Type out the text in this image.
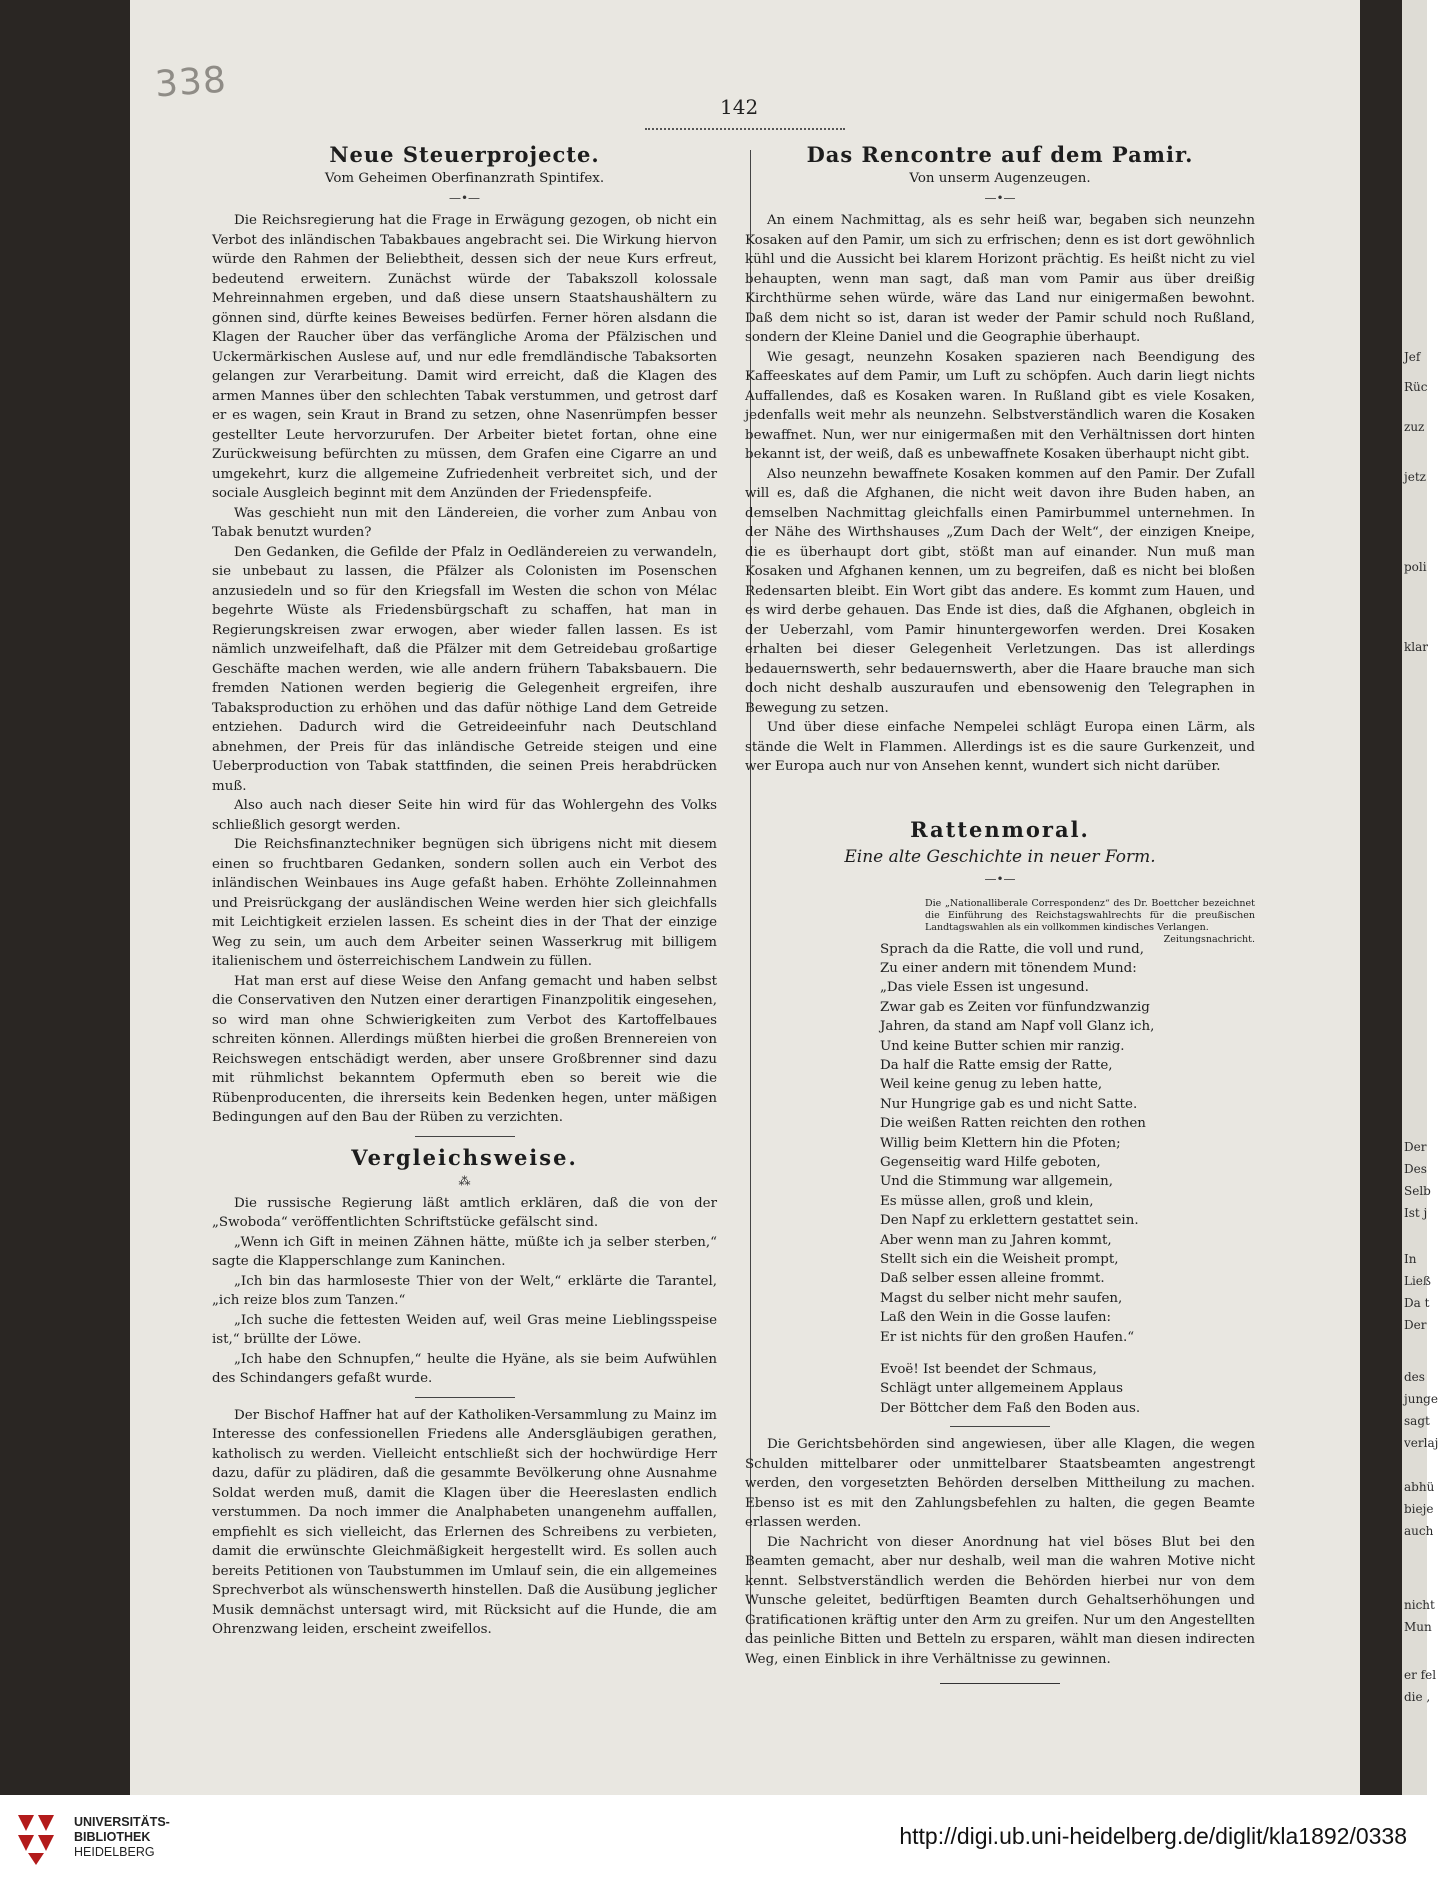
Jef
Rüc
zuz
jetz
poli
klar
Der
Des
Selb
Ist j
In
Ließ
Da t
Der
des
junge
sagt
verlaj
abhü
bieje
auch
nicht
Mun
er fel
die ,
338
142
Neue Steuerprojecte.
Vom Geheimen Oberfinanzrath Spintifex.
—•—

Die Reichsregierung hat die Frage in Erwägung gezogen, ob nicht ein Verbot des inländischen Tabakbaues angebracht sei. Die Wirkung hiervon würde den Rahmen der Beliebtheit, dessen sich der neue Kurs erfreut, bedeutend erweitern. Zunächst würde der Tabakszoll kolossale Mehreinnahmen ergeben, und daß diese unsern Staatshaushältern zu gönnen sind, dürfte keines Beweises bedürfen. Ferner hören alsdann die Klagen der Raucher über das verfängliche Aroma der Pfälzischen und Uckermärkischen Auslese auf, und nur edle fremdländische Tabaksorten gelangen zur Verarbeitung. Damit wird erreicht, daß die Klagen des armen Mannes über den schlechten Tabak verstummen, und getrost darf er es wagen, sein Kraut in Brand zu setzen, ohne Nasenrümpfen besser gestellter Leute hervorzurufen. Der Arbeiter bietet fortan, ohne eine Zurückweisung befürchten zu müssen, dem Grafen eine Cigarre an und umgekehrt, kurz die allgemeine Zufriedenheit verbreitet sich, und der sociale Ausgleich beginnt mit dem Anzünden der Friedenspfeife.

Was geschieht nun mit den Ländereien, die vorher zum Anbau von Tabak benutzt wurden?

Den Gedanken, die Gefilde der Pfalz in Oedländereien zu verwandeln, sie unbebaut zu lassen, die Pfälzer als Colonisten im Posenschen anzusiedeln und so für den Kriegsfall im Westen die schon von Mélac begehrte Wüste als Friedensbürgschaft zu schaffen, hat man in Regierungskreisen zwar erwogen, aber wieder fallen lassen. Es ist nämlich unzweifelhaft, daß die Pfälzer mit dem Getreidebau großartige Geschäfte machen werden, wie alle andern frühern Tabaksbauern. Die fremden Nationen werden begierig die Gelegenheit ergreifen, ihre Tabaksproduction zu erhöhen und das dafür nöthige Land dem Getreide entziehen. Dadurch wird die Getreideeinfuhr nach Deutschland abnehmen, der Preis für das inländische Getreide steigen und eine Ueberproduction von Tabak stattfinden, die seinen Preis herabdrücken muß.

Also auch nach dieser Seite hin wird für das Wohlergehn des Volks schließlich gesorgt werden.

Die Reichsfinanztechniker begnügen sich übrigens nicht mit diesem einen so fruchtbaren Gedanken, sondern sollen auch ein Verbot des inländischen Weinbaues ins Auge gefaßt haben. Erhöhte Zolleinnahmen und Preisrückgang der ausländischen Weine werden hier sich gleichfalls mit Leichtigkeit erzielen lassen. Es scheint dies in der That der einzige Weg zu sein, um auch dem Arbeiter seinen Wasserkrug mit billigem italienischem und österreichischem Landwein zu füllen.

Hat man erst auf diese Weise den Anfang gemacht und haben selbst die Conservativen den Nutzen einer derartigen Finanzpolitik eingesehen, so wird man ohne Schwierigkeiten zum Verbot des Kartoffelbaues schreiten können. Allerdings müßten hierbei die großen Brennereien von Reichswegen entschädigt werden, aber unsere Großbrenner sind dazu mit rühmlichst bekanntem Opfermuth eben so bereit wie die Rübenproducenten, die ihrerseits kein Bedenken hegen, unter mäßigen Bedingungen auf den Bau der Rüben zu verzichten.

Vergleichsweise.
⁂

Die russische Regierung läßt amtlich erklären, daß die von der „Swoboda“ veröffentlichten Schriftstücke gefälscht sind.

„Wenn ich Gift in meinen Zähnen hätte, müßte ich ja selber sterben,“ sagte die Klapperschlange zum Kaninchen.

„Ich bin das harmloseste Thier von der Welt,“ erklärte die Tarantel, „ich reize blos zum Tanzen.“

„Ich suche die fettesten Weiden auf, weil Gras meine Lieblingsspeise ist,“ brüllte der Löwe.

„Ich habe den Schnupfen,“ heulte die Hyäne, als sie beim Aufwühlen des Schindangers gefaßt wurde.

Der Bischof Haffner hat auf der Katholiken-Versammlung zu Mainz im Interesse des confessionellen Friedens alle Andersgläubigen gerathen, katholisch zu werden. Vielleicht entschließt sich der hochwürdige Herr dazu, dafür zu plädiren, daß die gesammte Bevölkerung ohne Ausnahme Soldat werden muß, damit die Klagen über die Heereslasten endlich verstummen. Da noch immer die Analphabeten unangenehm auffallen, empfiehlt es sich vielleicht, das Erlernen des Schreibens zu verbieten, damit die erwünschte Gleichmäßigkeit hergestellt wird. Es sollen auch bereits Petitionen von Taubstummen im Umlauf sein, die ein allgemeines Sprechverbot als wünschenswerth hinstellen. Daß die Ausübung jeglicher Musik demnächst untersagt wird, mit Rücksicht auf die Hunde, die am Ohrenzwang leiden, erscheint zweifellos.

Das Rencontre auf dem Pamir.
Von unserm Augenzeugen.
—•—

An einem Nachmittag, als es sehr heiß war, begaben sich neunzehn Kosaken auf den Pamir, um sich zu erfrischen; denn es ist dort gewöhnlich kühl und die Aussicht bei klarem Horizont prächtig. Es heißt nicht zu viel behaupten, wenn man sagt, daß man vom Pamir aus über dreißig Kirchthürme sehen würde, wäre das Land nur einigermaßen bewohnt. Daß dem nicht so ist, daran ist weder der Pamir schuld noch Rußland, sondern der Kleine Daniel und die Geographie überhaupt.

Wie gesagt, neunzehn Kosaken spazieren nach Beendigung des Kaffeeskates auf dem Pamir, um Luft zu schöpfen. Auch darin liegt nichts Auffallendes, daß es Kosaken waren. In Rußland gibt es viele Kosaken, jedenfalls weit mehr als neunzehn. Selbstverständlich waren die Kosaken bewaffnet. Nun, wer nur einigermaßen mit den Verhältnissen dort hinten bekannt ist, der weiß, daß es unbewaffnete Kosaken überhaupt nicht gibt.

Also neunzehn bewaffnete Kosaken kommen auf den Pamir. Der Zufall will es, daß die Afghanen, die nicht weit davon ihre Buden haben, an demselben Nachmittag gleichfalls einen Pamirbummel unternehmen. In der Nähe des Wirthshauses „Zum Dach der Welt“, der einzigen Kneipe, die es überhaupt dort gibt, stößt man auf einander. Nun muß man Kosaken und Afghanen kennen, um zu begreifen, daß es nicht bei bloßen Redensarten bleibt. Ein Wort gibt das andere. Es kommt zum Hauen, und es wird derbe gehauen. Das Ende ist dies, daß die Afghanen, obgleich in der Ueberzahl, vom Pamir hinuntergeworfen werden. Drei Kosaken erhalten bei dieser Gelegenheit Verletzungen. Das ist allerdings bedauernswerth, sehr bedauernswerth, aber die Haare brauche man sich doch nicht deshalb auszuraufen und ebensowenig den Telegraphen in Bewegung zu setzen.

Und über diese einfache Nempelei schlägt Europa einen Lärm, als stände die Welt in Flammen. Allerdings ist es die saure Gurkenzeit, und wer Europa auch nur von Ansehen kennt, wundert sich nicht darüber.

Rattenmoral.
Eine alte Geschichte in neuer Form.
—•—
Die „Nationalliberale Correspondenz“ des Dr. Boettcher bezeichnet die Einführung des Reichstagswahlrechts für die preußischen Landtagswahlen als ein vollkommen kindisches Verlangen.
Zeitungsnachricht.
Sprach da die Ratte, die voll und rund,
Zu einer andern mit tönendem Mund:
„Das viele Essen ist ungesund.
Zwar gab es Zeiten vor fünfundzwanzig
Jahren, da stand am Napf voll Glanz ich,
Und keine Butter schien mir ranzig.
Da half die Ratte emsig der Ratte,
Weil keine genug zu leben hatte,
Nur Hungrige gab es und nicht Satte.
Die weißen Ratten reichten den rothen
Willig beim Klettern hin die Pfoten;
Gegenseitig ward Hilfe geboten,
Und die Stimmung war allgemein,
Es müsse allen, groß und klein,
Den Napf zu erklettern gestattet sein.
Aber wenn man zu Jahren kommt,
Stellt sich ein die Weisheit prompt,
Daß selber essen alleine frommt.
Magst du selber nicht mehr saufen,
Laß den Wein in die Gosse laufen:
Er ist nichts für den großen Haufen.“
Evoë! Ist beendet der Schmaus,
Schlägt unter allgemeinem Applaus
Der Böttcher dem Faß den Boden aus.

Die Gerichtsbehörden sind angewiesen, über alle Klagen, die wegen Schulden mittelbarer oder unmittelbarer Staatsbeamten angestrengt werden, den vorgesetzten Behörden derselben Mittheilung zu machen. Ebenso ist es mit den Zahlungsbefehlen zu halten, die gegen Beamte erlassen werden.

Die Nachricht von dieser Anordnung hat viel böses Blut bei den Beamten gemacht, aber nur deshalb, weil man die wahren Motive nicht kennt. Selbstverständlich werden die Behörden hierbei nur von dem Wunsche geleitet, bedürftigen Beamten durch Gehaltserhöhungen und Gratificationen kräftig unter den Arm zu greifen. Nur um den Angestellten das peinliche Bitten und Betteln zu ersparen, wählt man diesen indirecten Weg, einen Einblick in ihre Verhältnisse zu gewinnen.

UNIVERSITÄTS-
BIBLIOTHEK
HEIDELBERG
http://digi.ub.uni-heidelberg.de/diglit/kla1892/0338
